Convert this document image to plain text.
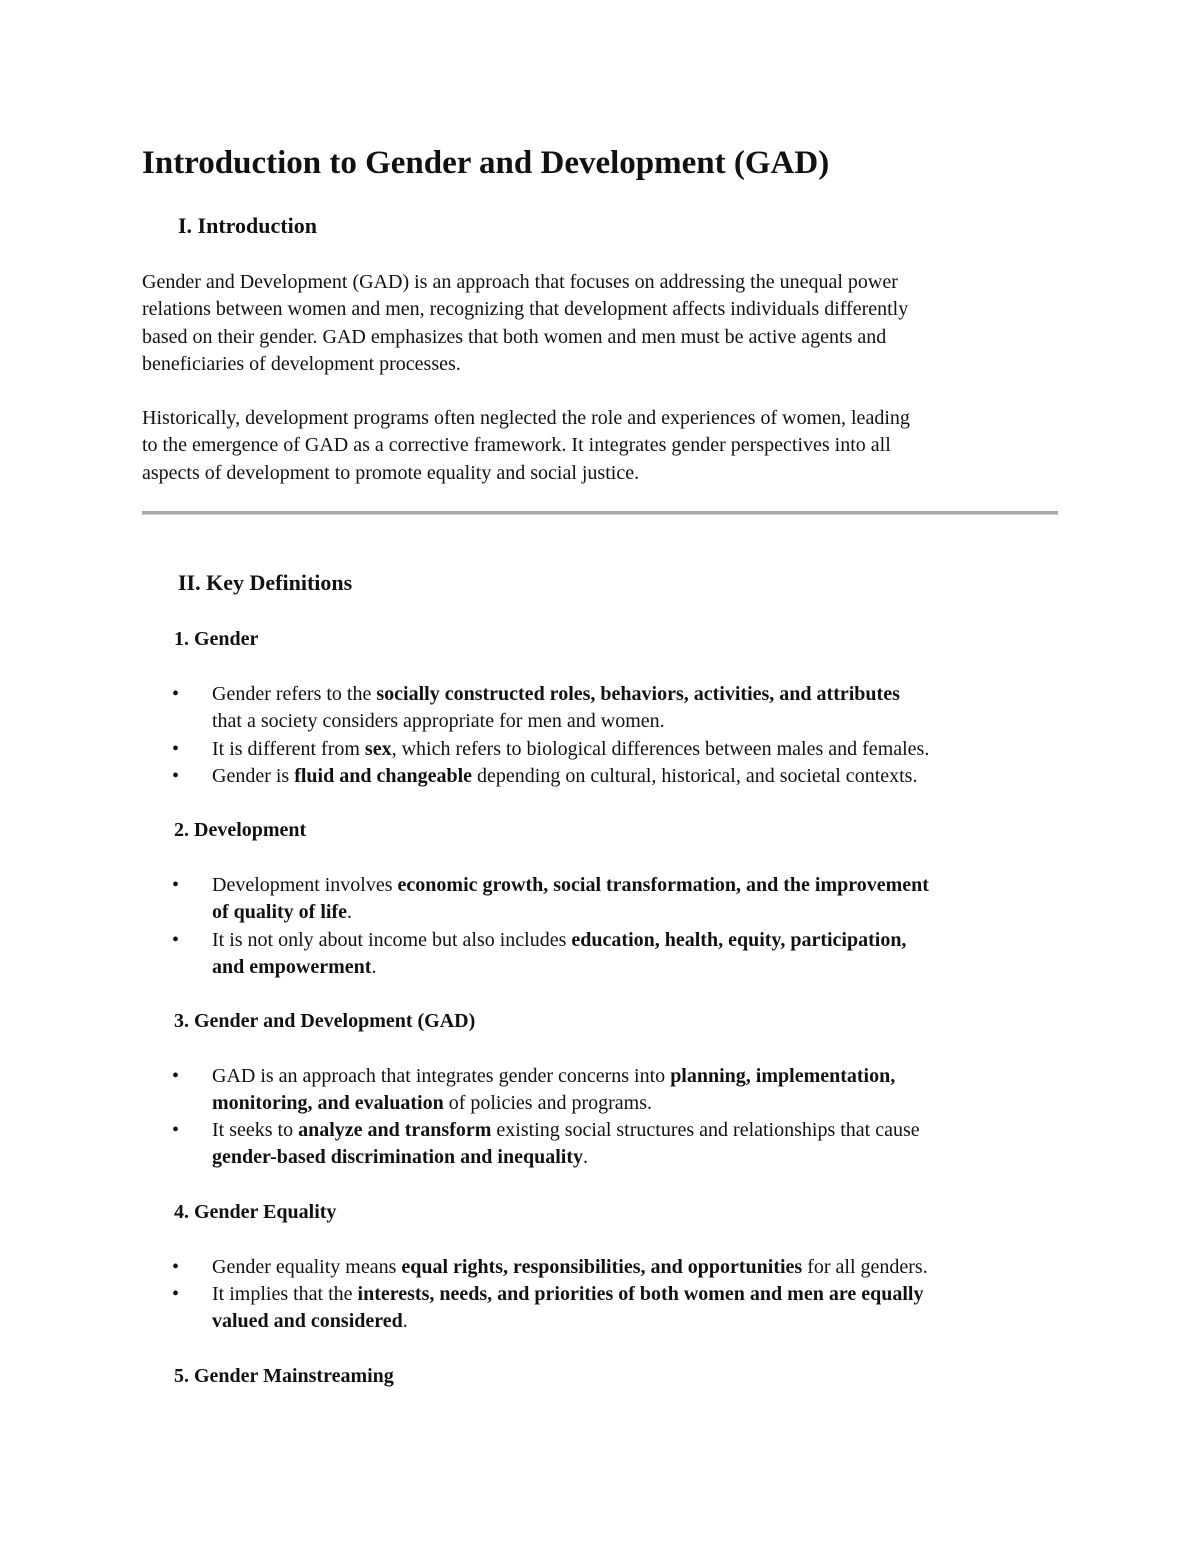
Introduction to Gender and Development (GAD)
I. Introduction
Gender and Development (GAD) is an approach that focuses on addressing the unequal power
relations between women and men, recognizing that development affects individuals differently
based on their gender. GAD emphasizes that both women and men must be active agents and
beneficiaries of development processes.
Historically, development programs often neglected the role and experiences of women, leading
to the emergence of GAD as a corrective framework. It integrates gender perspectives into all
aspects of development to promote equality and social justice.
II. Key Definitions
1. Gender
•	Gender refers to the socially constructed roles, behaviors, activities, and attributes
that a society considers appropriate for men and women.
•	It is different from sex, which refers to biological differences between males and females.
•	Gender is fluid and changeable depending on cultural, historical, and societal contexts.
2. Development
•	Development involves economic growth, social transformation, and the improvement
of quality of life.
•	It is not only about income but also includes education, health, equity, participation,
and empowerment.
3. Gender and Development (GAD)
•	GAD is an approach that integrates gender concerns into planning, implementation,
monitoring, and evaluation of policies and programs.
•	It seeks to analyze and transform existing social structures and relationships that cause
gender-based discrimination and inequality.
4. Gender Equality
•	Gender equality means equal rights, responsibilities, and opportunities for all genders.
•	It implies that the interests, needs, and priorities of both women and men are equally
valued and considered.
5. Gender Mainstreaming
